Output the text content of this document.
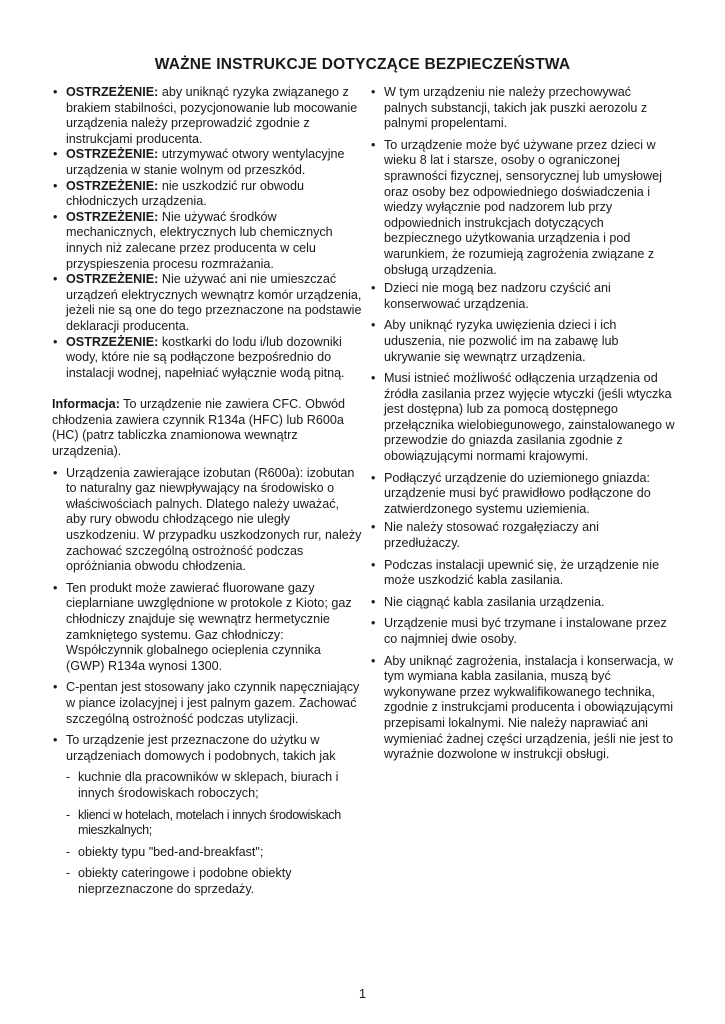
WAŻNE INSTRUKCJE DOTYCZĄCE BEZPIECZEŃSTWA

• OSTRZEŻENIE: aby uniknąć ryzyka związanego z brakiem stabilności, pozycjonowanie lub mocowanie urządzenia należy przeprowadzić zgodnie z instrukcjami producenta.

• OSTRZEŻENIE: utrzymywać otwory wentylacyjne urządzenia w stanie wolnym od przeszkód.

• OSTRZEŻENIE: nie uszkodzić rur obwodu chłodniczych urządzenia.

• OSTRZEŻENIE: Nie używać środków mechanicznych, elektrycznych lub chemicznych innych niż zalecane przez producenta w celu przyspieszenia procesu rozmrażania.

• OSTRZEŻENIE: Nie używać ani nie umieszczać urządzeń elektrycznych wewnątrz komór urządzenia, jeżeli nie są one do tego przeznaczone na podstawie deklaracji producenta.

• OSTRZEŻENIE: kostkarki do lodu i/lub dozowniki wody, które nie są podłączone bezpośrednio do instalacji wodnej, napełniać wyłącznie wodą pitną.

Informacja: To urządzenie nie zawiera CFC. Obwód chłodzenia zawiera czynnik R134a (HFC) lub R600a (HC) (patrz tabliczka znamionowa wewnątrz urządzenia).

• Urządzenia zawierające izobutan (R600a): izobutan to naturalny gaz niewpływający na środowisko o właściwościach palnych. Dlatego należy uważać, aby rury obwodu chłodzącego nie uległy uszkodzeniu. W przypadku uszkodzonych rur, należy zachować szczególną ostrożność podczas opróżniania obwodu chłodzenia.

• Ten produkt może zawierać fluorowane gazy cieplarniane uwzględnione w protokole z Kioto; gaz chłodniczy znajduje się wewnątrz hermetycznie zamkniętego systemu. Gaz chłodniczy: Współczynnik globalnego ocieplenia czynnika (GWP) R134a wynosi 1300.

• C-pentan jest stosowany jako czynnik napęczniający w piance izolacyjnej i jest palnym gazem. Zachować szczególną ostrożność podczas utylizacji.

• To urządzenie jest przeznaczone do użytku w urządzeniach domowych i podobnych, takich jak

- kuchnie dla pracowników w sklepach, biurach i innych środowiskach roboczych;

- klienci w hotelach, motelach i innych środowiskach mieszkalnych;

- obiekty typu "bed-and-breakfast";

- obiekty cateringowe i podobne obiekty nieprzeznaczone do sprzedaży.

• W tym urządzeniu nie należy przechowywać palnych substancji, takich jak puszki aerozolu z palnymi propelentami.

• To urządzenie może być używane przez dzieci w wieku 8 lat i starsze, osoby o ograniczonej sprawności fizycznej, sensorycznej lub umysłowej oraz osoby bez odpowiedniego doświadczenia i wiedzy wyłącznie pod nadzorem lub przy odpowiednich instrukcjach dotyczących bezpiecznego użytkowania urządzenia i pod warunkiem, że rozumieją zagrożenia związane z obsługą urządzenia.

• Dzieci nie mogą bez nadzoru czyścić ani konserwować urządzenia.

• Aby uniknąć ryzyka uwięzienia dzieci i ich uduszenia, nie pozwolić im na zabawę lub ukrywanie się wewnątrz urządzenia.

• Musi istnieć możliwość odłączenia urządzenia od źródła zasilania przez wyjęcie wtyczki (jeśli wtyczka jest dostępna) lub za pomocą dostępnego przełącznika wielobiegunowego, zainstalowanego w przewodzie do gniazda zasilania zgodnie z obowiązującymi normami krajowymi.

• Podłączyć urządzenie do uziemionego gniazda: urządzenie musi być prawidłowo podłączone do zatwierdzonego systemu uziemienia.

• Nie należy stosować rozgałęziaczy ani przedłużaczy.

• Podczas instalacji upewnić się, że urządzenie nie może uszkodzić kabla zasilania.

• Nie ciągnąć kabla zasilania urządzenia.

• Urządzenie musi być trzymane i instalowane przez co najmniej dwie osoby.

• Aby uniknąć zagrożenia, instalacja i konserwacja, w tym wymiana kabla zasilania, muszą być wykonywane przez wykwalifikowanego technika, zgodnie z instrukcjami producenta i obowiązującymi przepisami lokalnymi. Nie należy naprawiać ani wymieniać żadnej części urządzenia, jeśli nie jest to wyraźnie dozwolone w instrukcji obsługi.

1
